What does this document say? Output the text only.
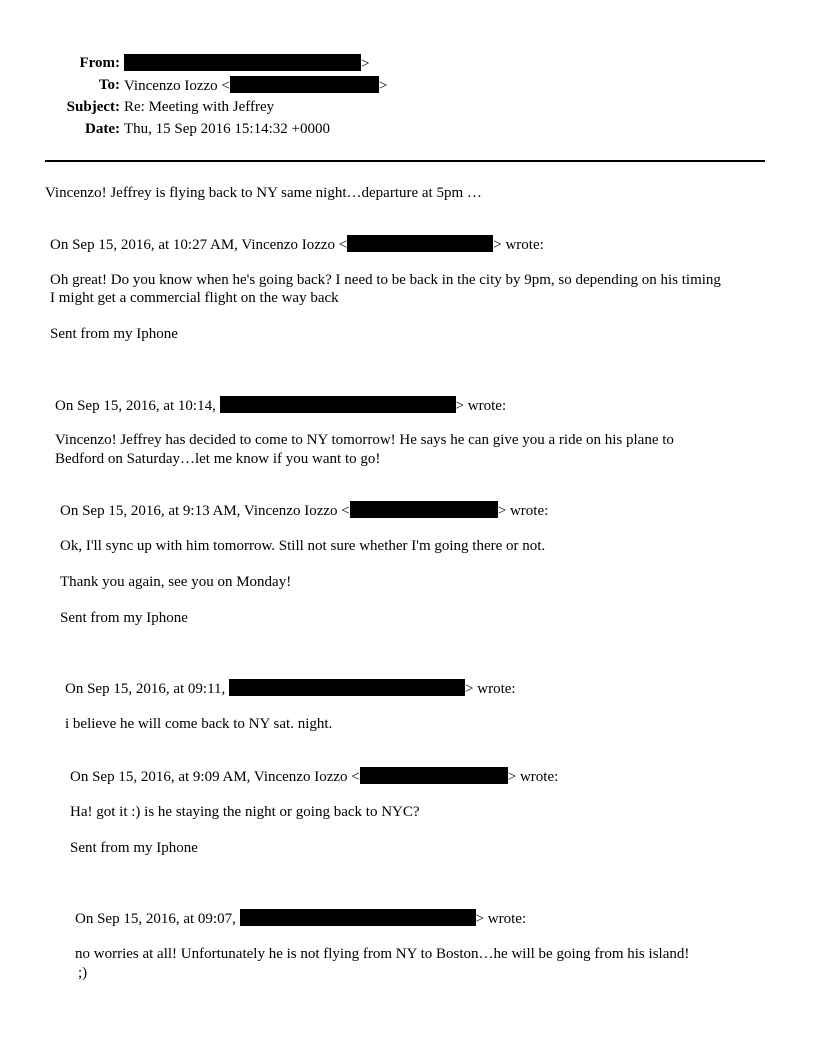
From:	>
To: Vincenzo Iozzo <	>
Subject: Re: Meeting with Jeffrey
Date: Thu, 15 Sep 2016 15:14:32 +0000
Vincenzo! Jeffrey is flying back to NY same night…departure at 5pm …
On Sep 15, 2016, at 10:27 AM, Vincenzo Iozzo <	> wrote:
Oh great! Do you know when he's going back? I need to be back in the city by 9pm, so depending on his timing
I might get a commercial flight on the way back
Sent from my Iphone
On Sep 15, 2016, at 10:14,	> wrote:
Vincenzo! Jeffrey has decided to come to NY tomorrow! He says he can give you a ride on his plane to
Bedford on Saturday…let me know if you want to go!
On Sep 15, 2016, at 9:13 AM, Vincenzo Iozzo <	> wrote:
Ok, I'll sync up with him tomorrow. Still not sure whether I'm going there or not.
Thank you again, see you on Monday!
Sent from my Iphone
On Sep 15, 2016, at 09:11,	> wrote:
i believe he will come back to NY sat. night.
On Sep 15, 2016, at 9:09 AM, Vincenzo Iozzo <	> wrote:
Ha! got it :) is he staying the night or going back to NYC?
Sent from my Iphone
On Sep 15, 2016, at 09:07,	> wrote:
no worries at all! Unfortunately he is not flying from NY to Boston…he will be going from his island!
;)
